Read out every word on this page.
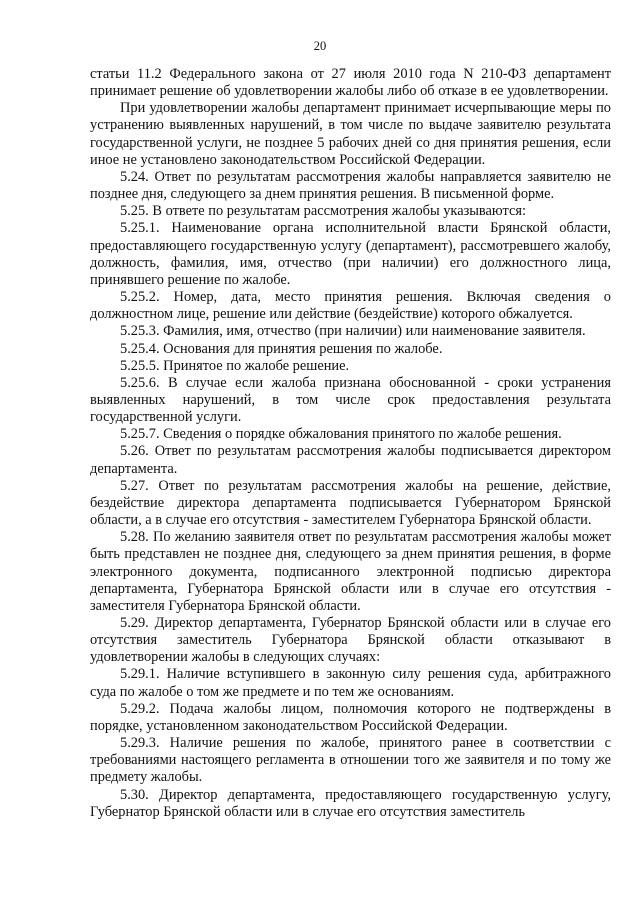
20

статьи 11.2 Федерального закона от 27 июля 2010 года N 210-ФЗ департамент принимает решение об удовлетворении жалобы либо об отказе в ее удовлетворении.

При удовлетворении жалобы департамент принимает исчерпывающие меры по устранению выявленных нарушений, в том числе по выдаче заявителю результата государственной услуги, не позднее 5 рабочих дней со дня принятия решения, если иное не установлено законодательством Российской Федерации.

5.24. Ответ по результатам рассмотрения жалобы направляется заявителю не позднее дня, следующего за днем принятия решения. В письменной форме.

5.25. В ответе по результатам рассмотрения жалобы указываются:

5.25.1. Наименование органа исполнительной власти Брянской области, предоставляющего государственную услугу (департамент), рассмотревшего жалобу, должность, фамилия, имя, отчество (при наличии) его должностного лица, принявшего решение по жалобе.

5.25.2. Номер, дата, место принятия решения. Включая сведения о должностном лице, решение или действие (бездействие) которого обжалуется.

5.25.3. Фамилия, имя, отчество (при наличии) или наименование заявителя.

5.25.4. Основания для принятия решения по жалобе.

5.25.5. Принятое по жалобе решение.

5.25.6. В случае если жалоба признана обоснованной - сроки устранения выявленных нарушений, в том числе срок предоставления результата государственной услуги.

5.25.7. Сведения о порядке обжалования принятого по жалобе решения.

5.26. Ответ по результатам рассмотрения жалобы подписывается директором департамента.

5.27. Ответ по результатам рассмотрения жалобы на решение, действие, бездействие директора департамента подписывается Губернатором Брянской области, а в случае его отсутствия - заместителем Губернатора Брянской области.

5.28. По желанию заявителя ответ по результатам рассмотрения жалобы может быть представлен не позднее дня, следующего за днем принятия решения, в форме электронного документа, подписанного электронной подписью директора департамента, Губернатора Брянской области или в случае его отсутствия - заместителя Губернатора Брянской области.

5.29. Директор департамента, Губернатор Брянской области или в случае его отсутствия заместитель Губернатора Брянской области отказывают в удовлетворении жалобы в следующих случаях:

5.29.1. Наличие вступившего в законную силу решения суда, арбитражного суда по жалобе о том же предмете и по тем же основаниям.

5.29.2. Подача жалобы лицом, полномочия которого не подтверждены в порядке, установленном законодательством Российской Федерации.

5.29.3. Наличие решения по жалобе, принятого ранее в соответствии с требованиями настоящего регламента в отношении того же заявителя и по тому же предмету жалобы.

5.30. Директор департамента, предоставляющего государственную услугу, Губернатор Брянской области или в случае его отсутствия заместитель
